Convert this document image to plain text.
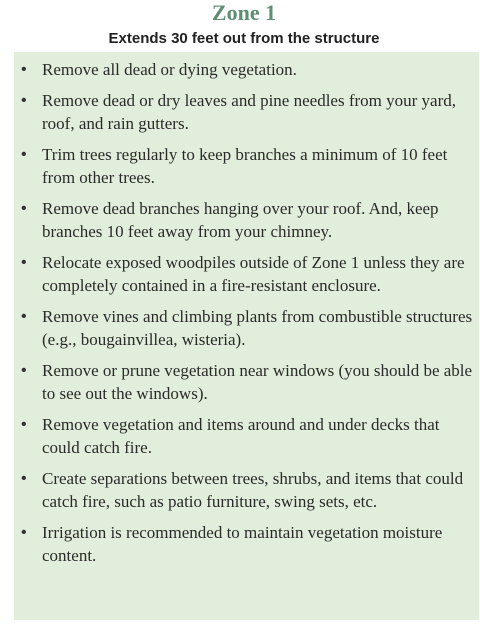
Zone 1
Extends 30 feet out from the structure
• Remove all dead or dying vegetation.
• Remove dead or dry leaves and pine needles from your yard, roof, and rain gutters.
• Trim trees regularly to keep branches a minimum of 10 feet from other trees.
• Remove dead branches hanging over your roof. And, keep branches 10 feet away from your chimney.
• Relocate exposed woodpiles outside of Zone 1 unless they are completely contained in a fire-resistant enclosure.
• Remove vines and climbing plants from combustible structures (e.g., bougainvillea, wisteria).
• Remove or prune vegetation near windows (you should be able to see out the windows).
• Remove vegetation and items around and under decks that could catch fire.
• Create separations between trees, shrubs, and items that could catch fire, such as patio furniture, swing sets, etc.
• Irrigation is recommended to maintain vegetation moisture content.
